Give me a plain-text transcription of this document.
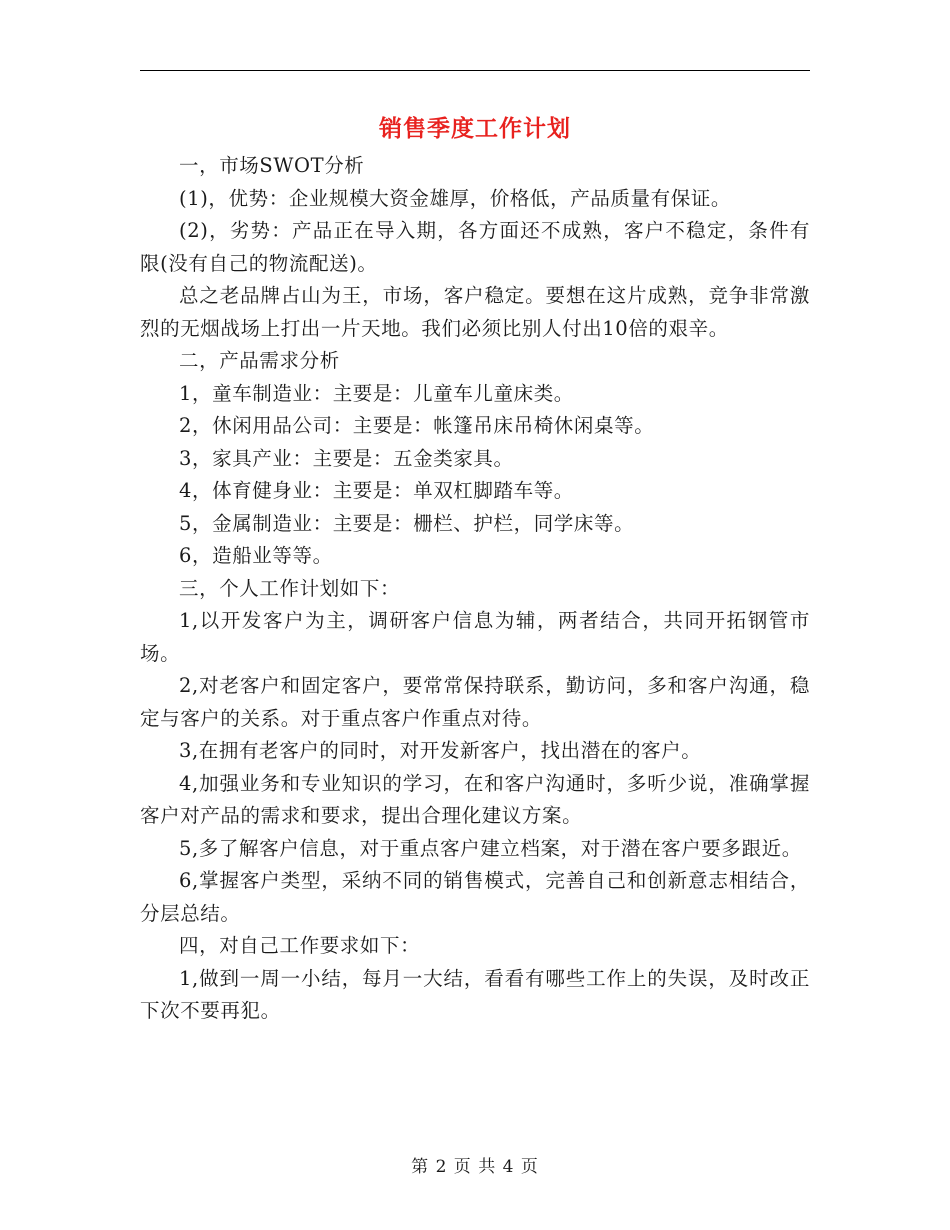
销售季度工作计划

一，市场SWOT分析

(1)，优势：企业规模大资金雄厚，价格低，产品质量有保证。

(2)，劣势：产品正在导入期，各方面还不成熟，客户不稳定，条件有限(没有自己的物流配送)。

总之老品牌占山为王，市场，客户稳定。要想在这片成熟，竞争非常激烈的无烟战场上打出一片天地。我们必须比别人付出10倍的艰辛。

二，产品需求分析

1，童车制造业：主要是：儿童车儿童床类。

2，休闲用品公司：主要是：帐篷吊床吊椅休闲桌等。

3，家具产业：主要是：五金类家具。

4，体育健身业：主要是：单双杠脚踏车等。

5，金属制造业：主要是：栅栏、护栏，同学床等。

6，造船业等等。

三，个人工作计划如下：

1,以开发客户为主，调研客户信息为辅，两者结合，共同开拓钢管市场。

2,对老客户和固定客户，要常常保持联系，勤访问，多和客户沟通，稳定与客户的关系。对于重点客户作重点对待。

3,在拥有老客户的同时，对开发新客户，找出潜在的客户。

4,加强业务和专业知识的学习，在和客户沟通时，多听少说，准确掌握客户对产品的需求和要求，提出合理化建议方案。

5,多了解客户信息，对于重点客户建立档案，对于潜在客户要多跟近。

6,掌握客户类型，采纳不同的销售模式，完善自己和创新意志相结合，分层总结。

四，对自己工作要求如下：

1,做到一周一小结，每月一大结，看看有哪些工作上的失误，及时改正下次不要再犯。

第 2 页 共 4 页
